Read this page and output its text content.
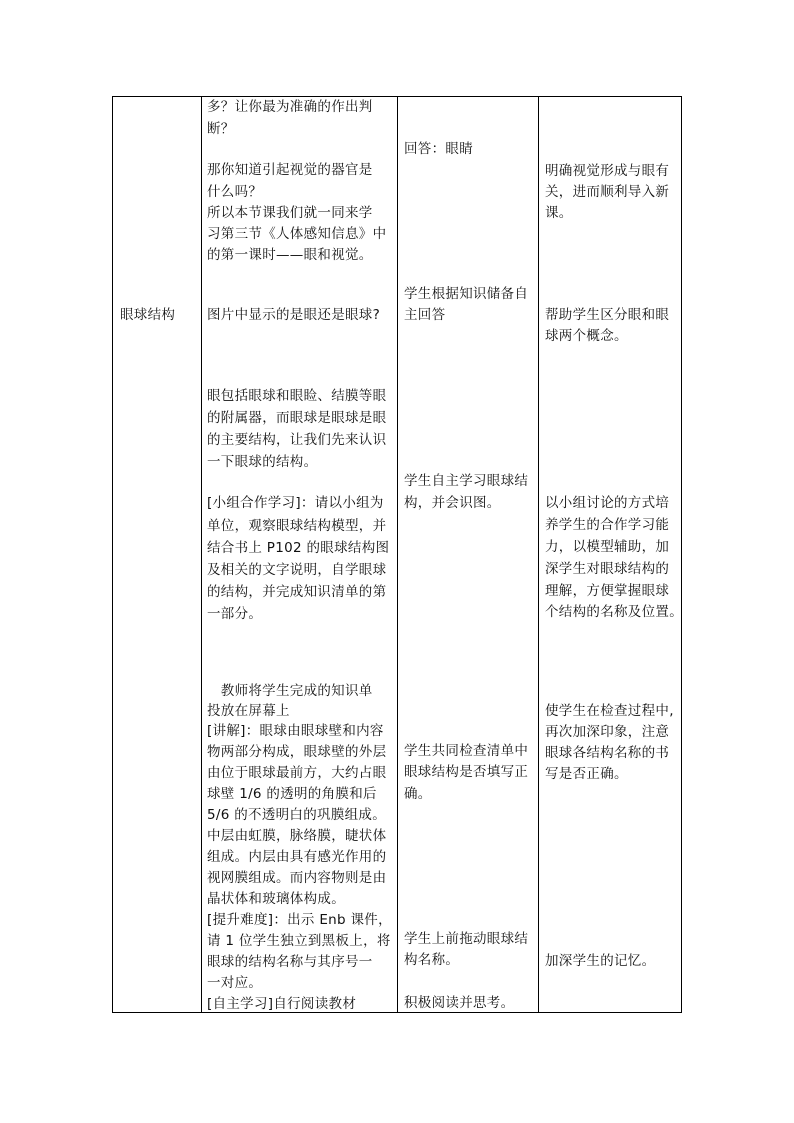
眼球结构
多？让你最为准确的作出判
断？
那你知道引起视觉的器官是
什么吗？
所以本节课我们就一同来学
习第三节《人体感知信息》中
的第一课时——眼和视觉。
图片中显示的是眼还是眼球?
眼包括眼球和眼睑、结膜等眼
的附属器，而眼球是眼球是眼
的主要结构，让我们先来认识
一下眼球的结构。
[小组合作学习]：请以小组为
单位，观察眼球结构模型，并
结合书上 P102 的眼球结构图
及相关的文字说明，自学眼球
的结构，并完成知识清单的第
一部分。
教师将学生完成的知识单
投放在屏幕上
[讲解]：眼球由眼球壁和内容
物两部分构成，眼球壁的外层
由位于眼球最前方，大约占眼
球壁 1/6 的透明的角膜和后
5/6 的不透明白的巩膜组成。
中层由虹膜，脉络膜，睫状体
组成。内层由具有感光作用的
视网膜组成。而内容物则是由
晶状体和玻璃体构成。
[提升难度]：出示 Enb 课件，
请 1 位学生独立到黑板上，将
眼球的结构名称与其序号一
一对应。
[自主学习]自行阅读教材
回答：眼睛
学生根据知识储备自
主回答
学生自主学习眼球结
构，并会识图。
学生共同检查清单中
眼球结构是否填写正
确。
学生上前拖动眼球结
构名称。
积极阅读并思考。
明确视觉形成与眼有
关，进而顺利导入新
课。
帮助学生区分眼和眼
球两个概念。
以小组讨论的方式培
养学生的合作学习能
力，以模型辅助，加
深学生对眼球结构的
理解，方便掌握眼球
个结构的名称及位置。
使学生在检查过程中,
再次加深印象，注意
眼球各结构名称的书
写是否正确。
加深学生的记忆。
